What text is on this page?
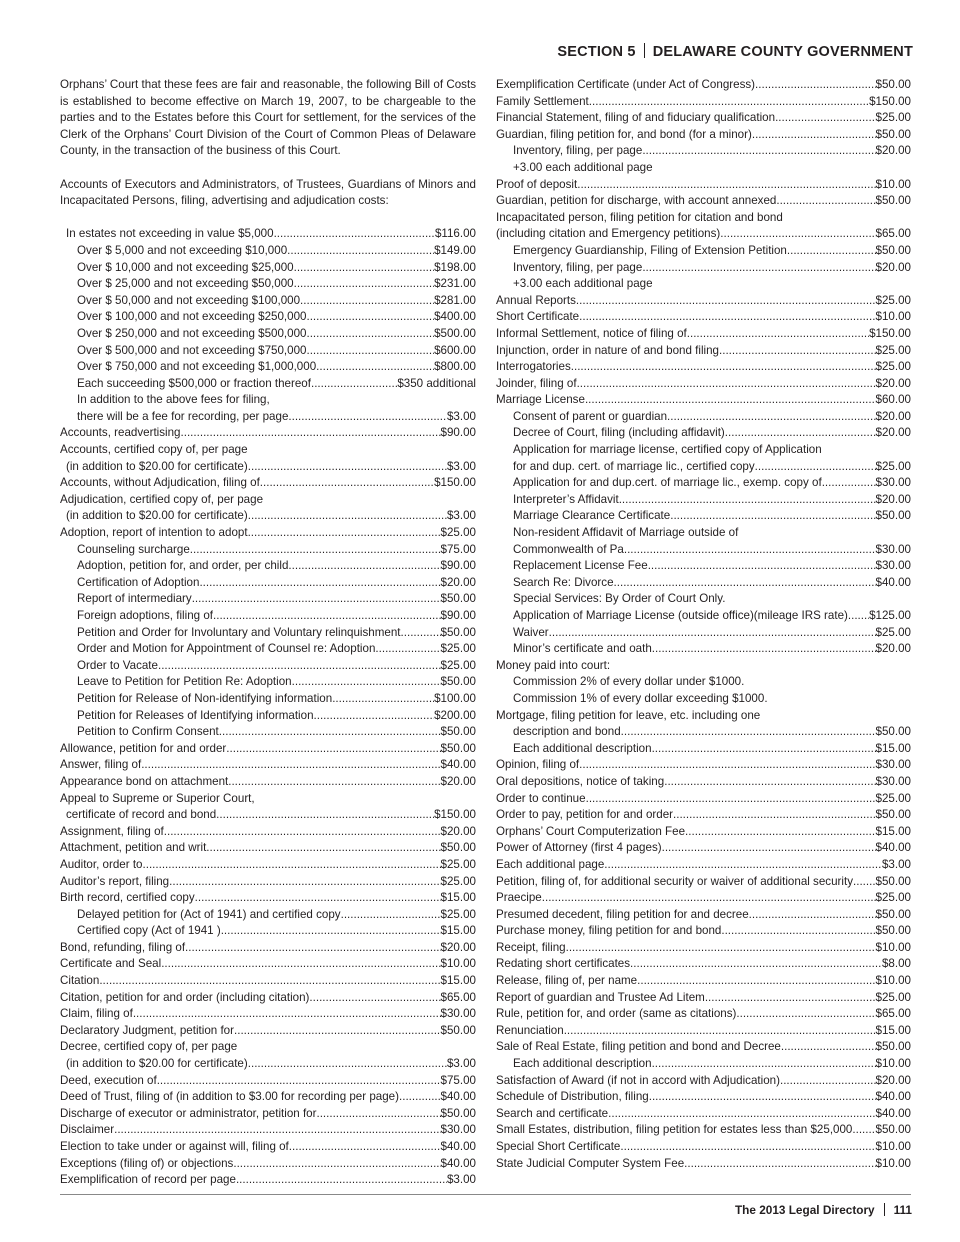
SECTION 5 DELAWARE COUNTY GOVERNMENT

Orphans’ Court that these fees are fair and reasonable, the following Bill of Costs is established to become effective on March 19, 2007, to be chargeable to the parties and to the Estates before this Court for settlement, for the services of the Clerk of the Orphans’ Court Division of the Court of Common Pleas of Delaware County, in the transaction of the business of this Court.

Accounts of Executors and Administrators, of Trustees, Guardians of Minors and Incapacitated Persons, filing, advertising and adjudication costs:

In estates not exceeding in value $5,000 .....	$116.00
Over $ 5,000 and not exceeding $10,000 .....	$149.00
Over $ 10,000 and not exceeding $25,000 .....	$198.00
Over $ 25,000 and not exceeding $50,000 .....	$231.00
Over $ 50,000 and not exceeding $100,000 .....	$281.00
Over $ 100,000 and not exceeding $250,000 .....	$400.00
Over $ 250,000 and not exceeding $500,000 .....	$500.00
Over $ 500,000 and not exceeding $750,000 .....	$600.00
Over $ 750,000 and not exceeding $1,000,000 .....	$800.00
Each succeeding $500,000 or fraction thereof .....	$350 additional
In addition to the above fees for filing,
there will be a fee for recording, per page .....	$3.00
Accounts, readvertising .....	$90.00
Accounts, certified copy of, per page
(in addition to $20.00 for certificate) .....	$3.00
Accounts, without Adjudication, filing of .....	$150.00
Adjudication, certified copy of, per page
(in addition to $20.00 for certificate) .....	$3.00
Adoption, report of intention to adopt .....	$25.00
Counseling surcharge .....	$75.00
Adoption, petition for, and order, per child .....	$90.00
Certification of Adoption .....	$20.00
Report of intermediary .....	$50.00
Foreign adoptions, filing of .....	$90.00
Petition and Order for Involuntary and Voluntary relinquishment .....	$50.00
Order and Motion for Appointment of Counsel re: Adoption .....	$25.00
Order to Vacate .....	$25.00
Leave to Petition for Petition Re: Adoption .....	$50.00
Petition for Release of Non-identifying information .....	$100.00
Petition for Releases of Identifying information .....	$200.00
Petition to Confirm Consent .....	$50.00
Allowance, petition for and order .....	$50.00
Answer, filing of .....	$40.00
Appearance bond on attachment .....	$20.00
Appeal to Supreme or Superior Court,
certificate of record and bond .....	$150.00
Assignment, filing of .....	$20.00
Attachment, petition and writ .....	$50.00
Auditor, order to .....	$25.00
Auditor’s report, filing .....	$25.00
Birth record, certified copy .....	$15.00
Delayed petition for (Act of 1941) and certified copy .....	$25.00
Certified copy (Act of 1941 ) .....	$15.00
Bond, refunding, filing of .....	$20.00
Certificate and Seal .....	$10.00
Citation .....	$15.00
Citation, petition for and order (including citation) .....	$65.00
Claim, filing of .....	$30.00
Declaratory Judgment, petition for .....	$50.00
Decree, certified copy of, per page
(in addition to $20.00 for certificate) .....	$3.00
Deed, execution of .....	$75.00
Deed of Trust, filing of (in addition to $3.00 for recording per page) .....	$40.00
Discharge of executor or administrator, petition for .....	$50.00
Disclaimer .....	$30.00
Election to take under or against will, filing of .....	$40.00
Exceptions (filing of) or objections .....	$40.00
Exemplification of record per page .....	$3.00
Exemplification Certificate (under Act of Congress) .....	$50.00
Family Settlement .....	$150.00
Financial Statement, filing of and fiduciary qualification .....	$25.00
Guardian, filing petition for, and bond (for a minor) .....	$50.00
Inventory, filing, per page .....	$20.00
+3.00 each additional page
Proof of deposit .....	$10.00
Guardian, petition for discharge, with account annexed .....	$50.00
Incapacitated person, filing petition for citation and bond
(including citation and Emergency petitions) .....	$65.00
Emergency Guardianship, Filing of Extension Petition .....	$50.00
Inventory, filing, per page .....	$20.00
+3.00 each additional page
Annual Reports .....	$25.00
Short Certificate .....	$10.00
Informal Settlement, notice of filing of .....	$150.00
Injunction, order in nature of and bond filing .....	$25.00
Interrogatories .....	$25.00
Joinder, filing of .....	$20.00
Marriage License .....	$60.00
Consent of parent or guardian .....	$20.00
Decree of Court, filing (including affidavit) .....	$20.00
Application for marriage license, certified copy of Application
for and dup. cert. of marriage lic., certified copy .....	$25.00
Application for and dup.cert. of marriage lic., exemp. copy of .....	$30.00
Interpreter’s Affidavit .....	$20.00
Marriage Clearance Certificate .....	$50.00
Non-resident Affidavit of Marriage outside of
Commonwealth of Pa .....	$30.00
Replacement License Fee .....	$30.00
Search Re: Divorce .....	$40.00
Special Services: By Order of Court Only.
Application of Marriage License (outside office)(mileage IRS rate) ..... $125.00
Waiver .....	$25.00
Minor’s certificate and oath .....	$20.00
Money paid into court:
Commission 2% of every dollar under $1000.
Commission 1% of every dollar exceeding $1000.
Mortgage, filing petition for leave, etc. including one
description and bond .....	$50.00
Each additional description .....	$15.00
Opinion, filing of .....	$30.00
Oral depositions, notice of taking .....	$30.00
Order to continue .....	$25.00
Order to pay, petition for and order .....	$50.00
Orphans’ Court Computerization Fee .....	$15.00
Power of Attorney (first 4 pages) .....	$40.00
Each additional page .....	$3.00
Petition, filing of, for additional security or waiver of additional security ..... $50.00
Praecipe .....	$25.00
Presumed decedent, filing petition for and decree .....	$50.00
Purchase money, filing petition for and bond .....	$50.00
Receipt, filing .....	$10.00
Redating short certificates .....	$8.00
Release, filing of, per name .....	$10.00
Report of guardian and Trustee Ad Litem .....	$25.00
Rule, petition for, and order (same as citations) .....	$65.00
Renunciation .....	$15.00
Sale of Real Estate, filing petition and bond and Decree .....	$50.00
Each additional description .....	$10.00
Satisfaction of Award (if not in accord with Adjudication) .....	$20.00
Schedule of Distribution, filing .....	$40.00
Search and certificate .....	$40.00
Small Estates, distribution, filing petition for estates less than $25,000 ..... $50.00
Special Short Certificate .....	$10.00
State Judicial Computer System Fee .....	$10.00
The 2013 Legal Directory 111
